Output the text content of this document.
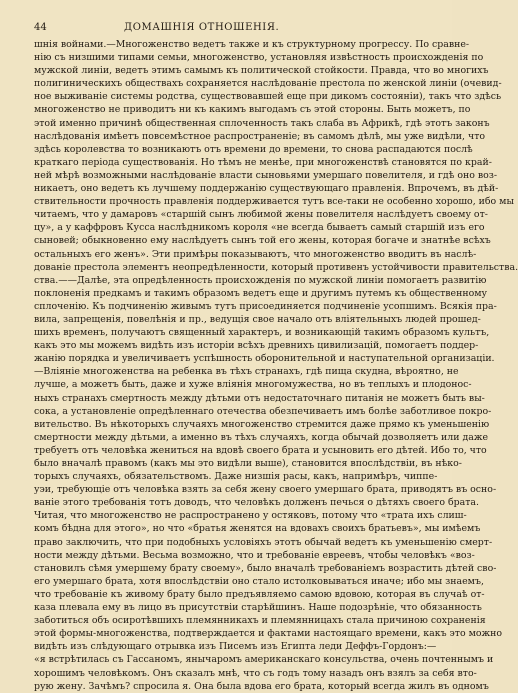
44	ДОМАШНІЯ ОТНОШЕНІЯ.
шнія войнами.—Многоженство ведетъ также и къ структурному прогрессу. По сравне-
нію съ низшими типами семьи, многоженство, установляя извѣстность происхожденія по
мужской линіи, ведетъ этимъ самымъ къ политической стойкости. Правда, что во многихъ
полигиническихъ обществахъ сохраняется наслѣдованіе престола по женской линіи (очевид-
ное выживаніе системы родства, существовавшей еще при дикомъ состояніи), такъ что здѣсь
многоженство не приводитъ ни къ какимъ выгодамъ съ этой стороны. Быть можетъ, по
этой именно причинѣ общественная сплоченность такъ слаба въ Африкѣ, гдѣ этотъ законъ
наслѣдованія имѣетъ повсемѣстное распространеніе; въ самомъ дѣлѣ, мы уже видѣли, что
здѣсь королевства то возникаютъ отъ времени до времени, то снова распадаются послѣ
краткаго періода существованія. Но тѣмъ не менѣе, при многоженствѣ становятся по край-
ней мѣрѣ возможными наслѣдованіе власти сыновьями умершаго повелителя, и гдѣ оно воз-
никаетъ, оно ведетъ къ лучшему поддержанію существующаго правленія. Впрочемъ, въ дѣй-
ствительности прочность правленія поддерживается тутъ все-таки не особенно хорошо, ибо мы
читаемъ, что у дамаровъ «старшій сынъ любимой жены повелителя наслѣдуетъ своему от-
цу», а у каффровъ Кусса наслѣдникомъ короля «не всегда бываетъ самый старшій изъ его
сыновей; обыкновенно ему наслѣдуетъ сынъ той его жены, которая богаче и знатнѣе всѣхъ
остальныхъ его женъ». Эти примѣры показываютъ, что многоженство вводитъ въ наслѣ-
дованіе престола элементъ неопредѣленности, который противенъ устойчивости правительства.
ства.——Далѣе, эта опредѣленность происхожденія по мужской линіи помогаетъ развитію
поклоненія предкамъ и такимъ образомъ ведетъ еще и другимъ путемъ къ общественному
сплоченію. Къ подчиненію живымъ тутъ присоединяется подчиненіе усопшимъ. Всякія пра-
вила, запрещенія, повелѣнія и пр., ведущія свое начало отъ вліятельныхъ людей прошед-
шихъ временъ, получаютъ священный характеръ, и возникающій такимъ образомъ культъ,
какъ это мы можемъ видѣть изъ исторіи всѣхъ древнихъ цивилизацій, помогаетъ поддер-
жанію порядка и увеличиваетъ успѣшность оборонительной и наступательной организаціи.
—Вліяніе многоженства на ребенка въ тѣхъ странахъ, гдѣ пища скудна, вѣроятно, не
лучше, а можетъ быть, даже и хуже вліянія многомужества, но въ теплыхъ и плодонос-
ныхъ странахъ смертность между дѣтьми отъ недостаточнаго питанія не можетъ быть вы-
сока, а установленіе опредѣленнаго отечества обезпечиваетъ имъ болѣе заботливое покро-
вительство. Въ нѣкоторыхъ случаяхъ многоженство стремится даже прямо къ уменьшенію
смертности между дѣтьми, а именно въ тѣхъ случаяхъ, когда обычай дозволяетъ или даже
требуетъ отъ человѣка жениться на вдовѣ своего брата и усыновить его дѣтей. Ибо то, что
было вначалѣ правомъ (какъ мы это видѣли выше), становится впослѣдствіи, въ нѣко-
торыхъ случаяхъ, обязательствомъ. Даже низшія расы, какъ, напримѣръ, чиппе-
уэи, требующіе отъ человѣка взять за себя жену своего умершаго брата, приводятъ въ осно-
ваніе этого требованія тотъ доводъ, что человѣкъ долженъ печься о дѣтяхъ своего брата.
Читая, что многоженство не распространено у остяковъ, потому что «трата ихъ слиш-
комъ бѣдна для этого», но что «братья женятся на вдовахъ своихъ братьевъ», мы имѣемъ
право заключить, что при подобныхъ условіяхъ этотъ обычай ведетъ къ уменьшенію смерт-
ности между дѣтьми. Весьма возможно, что и требованіе евреевъ, чтобы человѣкъ «воз-
становилъ сѣмя умершему брату своему», было вначалѣ требованіемъ возрастить дѣтей сво-
его умершаго брата, хотя впослѣдствіи оно стало истолковываться иначе; ибо мы знаемъ,
что требованіе къ живому брату было предъявляемо самою вдовою, которая въ случаѣ от-
каза плевала ему въ лицо въ присутствіи старѣйшинъ. Наше подозрѣніе, что обязанность
заботиться объ осиротѣвшихъ племянникахъ и племянницахъ стала причиною сохраненія
этой формы-многоженства, подтверждается и фактами настоящаго времени, какъ это можно
видѣть изъ слѣдующаго отрывка изъ Писемъ изъ Египта леди Деффъ-Гордонъ:—
«я встрѣтилась съ Гассаномъ, янычаромъ американскаго консульства, очень почтеннымъ и
хорошимъ человѣкомъ. Онъ сказалъ мнѣ, что съ годъ тому назадъ онъ взялъ за себя вто-
рую жену. Зачѣмъ? спросила я. Она была вдова его брата, который всегда жилъ въ одномъ
